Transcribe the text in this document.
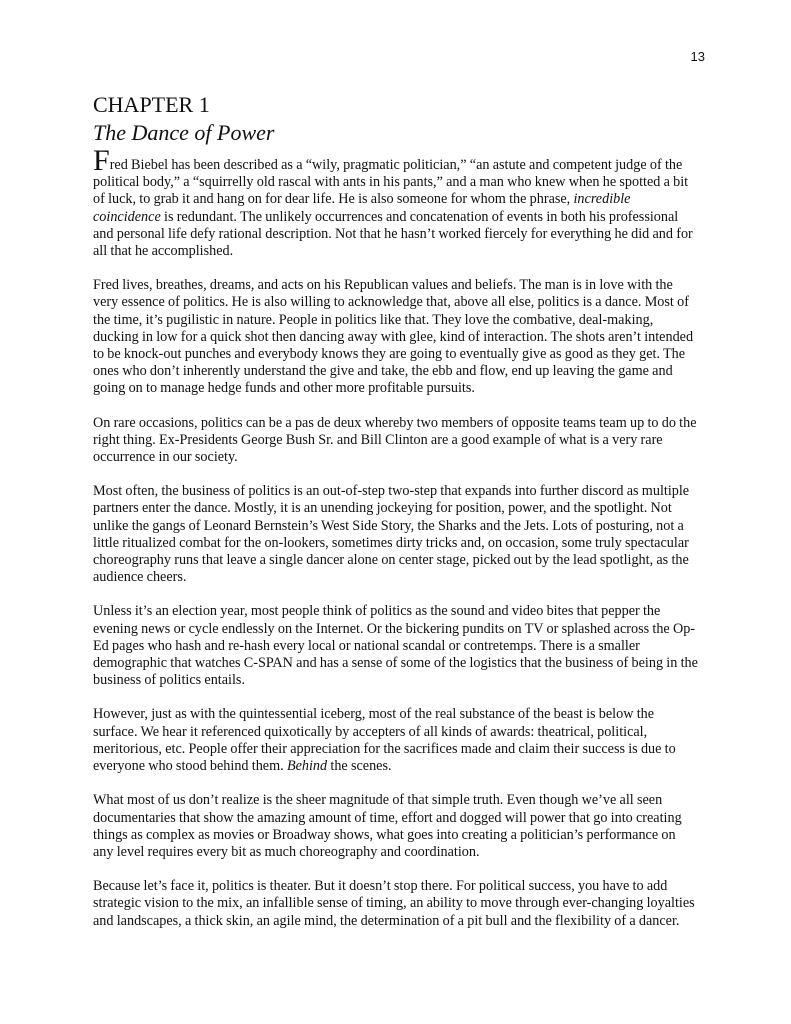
13
CHAPTER 1
The Dance of Power

Fred Biebel has been described as a “wily, pragmatic politician,” “an astute and competent judge of the political body,” a “squirrelly old rascal with ants in his pants,” and a man who knew when he spotted a bit of luck, to grab it and hang on for dear life. He is also someone for whom the phrase, incredible coincidence is redundant. The unlikely occurrences and concatenation of events in both his professional and personal life defy rational description. Not that he hasn’t worked fiercely for everything he did and for all that he accomplished.

Fred lives, breathes, dreams, and acts on his Republican values and beliefs. The man is in love with the very essence of politics. He is also willing to acknowledge that, above all else, politics is a dance. Most of the time, it’s pugilistic in nature. People in politics like that. They love the combative, deal-making, ducking in low for a quick shot then dancing away with glee, kind of interaction. The shots aren’t intended to be knock-out punches and everybody knows they are going to eventually give as good as they get. The ones who don’t inherently understand the give and take, the ebb and flow, end up leaving the game and going on to manage hedge funds and other more profitable pursuits.

On rare occasions, politics can be a pas de deux whereby two members of opposite teams team up to do the right thing. Ex-Presidents George Bush Sr. and Bill Clinton are a good example of what is a very rare occurrence in our society.

Most often, the business of politics is an out-of-step two-step that expands into further discord as multiple partners enter the dance. Mostly, it is an unending jockeying for position, power, and the spotlight. Not unlike the gangs of Leonard Bernstein’s West Side Story, the Sharks and the Jets. Lots of posturing, not a little ritualized combat for the on-lookers, sometimes dirty tricks and, on occasion, some truly spectacular choreography runs that leave a single dancer alone on center stage, picked out by the lead spotlight, as the audience cheers.

Unless it’s an election year, most people think of politics as the sound and video bites that pepper the evening news or cycle endlessly on the Internet. Or the bickering pundits on TV or splashed across the Op-Ed pages who hash and re-hash every local or national scandal or contretemps. There is a smaller demographic that watches C-SPAN and has a sense of some of the logistics that the business of being in the business of politics entails.

However, just as with the quintessential iceberg, most of the real substance of the beast is below the surface. We hear it referenced quixotically by accepters of all kinds of awards: theatrical, political, meritorious, etc. People offer their appreciation for the sacrifices made and claim their success is due to everyone who stood behind them. Behind the scenes.

What most of us don’t realize is the sheer magnitude of that simple truth. Even though we’ve all seen documentaries that show the amazing amount of time, effort and dogged will power that go into creating things as complex as movies or Broadway shows, what goes into creating a politician’s performance on any level requires every bit as much choreography and coordination.

Because let’s face it, politics is theater. But it doesn’t stop there. For political success, you have to add strategic vision to the mix, an infallible sense of timing, an ability to move through ever-changing loyalties and landscapes, a thick skin, an agile mind, the determination of a pit bull and the flexibility of a dancer.
